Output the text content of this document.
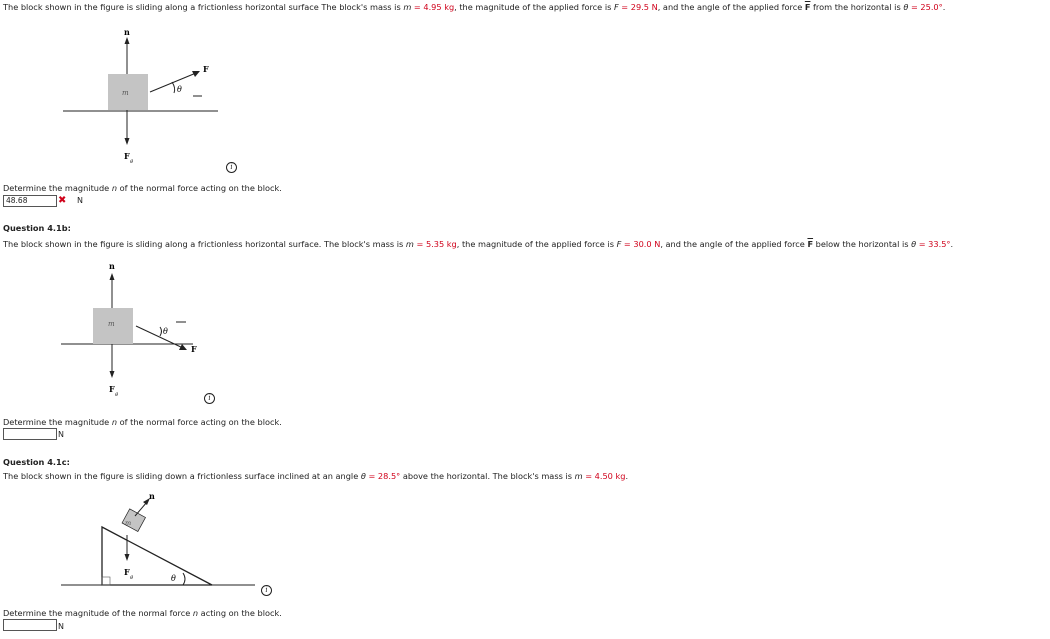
The block shown in the figure is sliding along a frictionless horizontal surface The block's mass is m = 4.95 kg, the magnitude of the applied force is F = 29.5 N, and the angle of the applied force $\overline{F}$ from the horizontal is θ = 25.0°.
m
n
F g
F
θ
i
Determine the magnitude n of the normal force acting on the block.
48.68	✖ N
Question 4.1b:
The block shown in the figure is sliding along a frictionless horizontal surface. The block's mass is m = 5.35 kg, the magnitude of the applied force is F = 30.0 N, and the angle of the applied force $\overline{F}$ below the horizontal is θ = 33.5°.
m
n
F g
F
θ
i
Determine the magnitude n of the normal force acting on the block.
N
Question 4.1c:
The block shown in the figure is sliding down a frictionless surface inclined at an angle θ = 28.5° above the horizontal. The block's mass is m = 4.50 kg.
m
n
F g	θ
i
Determine the magnitude of the normal force n acting on the block.
N
